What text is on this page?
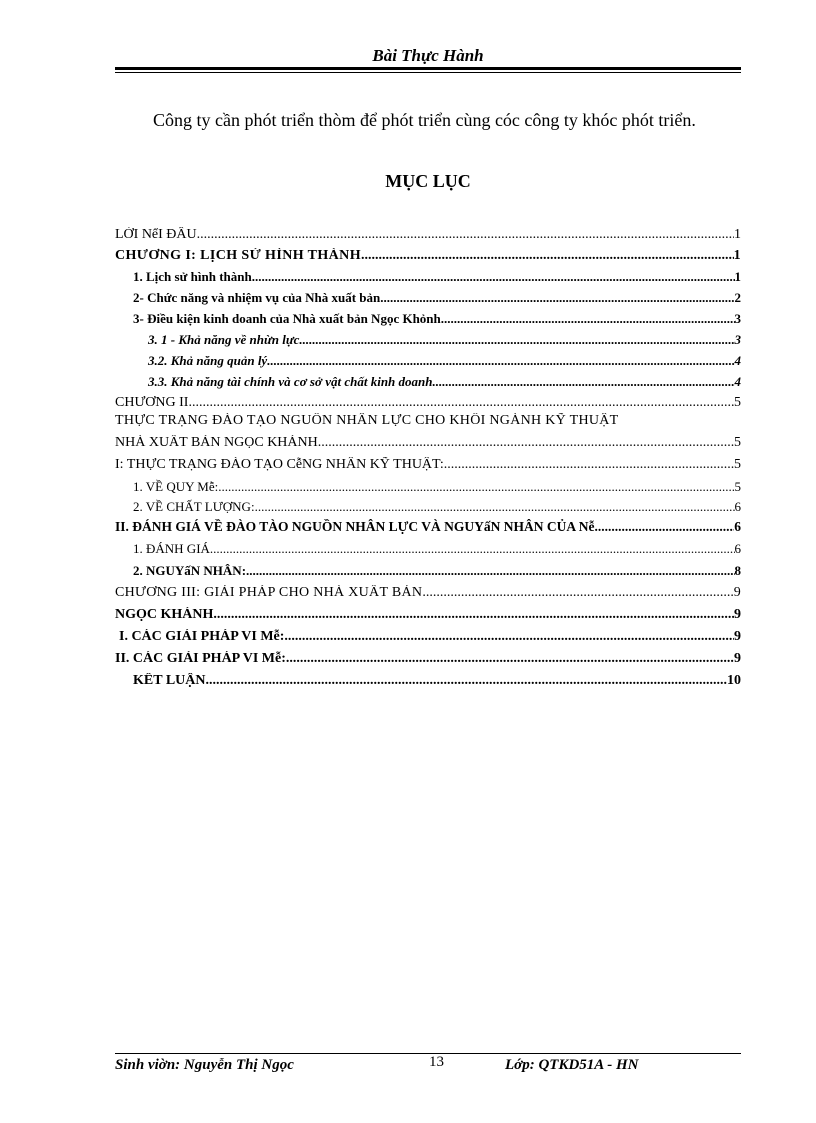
Bài Thực Hành
Công ty cần phót triển thòm để phót triển cùng cóc công ty khóc phót triển.
MỤC LỤC
LỜI NểI ĐẦU .....	1
CHƯƠNG I: LỊCH SỬ HÌNH THÀNH .....	1
1. Lịch sử hình thành .....	1
2- Chức năng và nhiệm vụ của Nhà xuất bản .....	2
3- Điều kiện kinh doanh của Nhà xuất bản Ngọc Khỏnh .....	3
3. 1 - Khả năng về nhừn lực .....	3
3.2. Khả năng quản lý .....	4
3.3. Khả năng tài chính và cơ sở vật chất kinh doanh .....	4
CHƯƠNG II .....	5
THỰC TRẠNG ĐÀO TẠO NGUỒN NHÂN LỰC CHO KHỐI NGÀNH KỸ THUẬT
NHÀ XUẤT BẢN NGỌC KHÁNH .....	5
I: THỰC TRẠNG ĐÀO TẠO CễNG NHÂN KỸ THUẬT: .....	5
1. VỀ QUY Mễ: .....	5
2. VỀ CHẤT LƯỢNG: .....	6
II. ĐÁNH GIÁ VỀ ĐÀO TÀO NGUỒN NHÂN LỰC VÀ NGUYấN NHÂN CỦA Nễ. .....	6
1. ĐÁNH GIÁ .....	6
2. NGUYấN NHÂN: .....	8
CHƯƠNG III: GIẢI PHÁP CHO NHÀ XUẤT BẢN .....	9
NGỌC KHÁNH .....	9
I. CÁC GIẢI PHÁP VI Mễ: .....	9
II. CÁC GIẢI PHÁP VI Mễ: .....	9
KẾT LUẬN .....	10
Sinh viờn: Nguyễn Thị Ngọc	13	Lớp: QTKD51A - HN
